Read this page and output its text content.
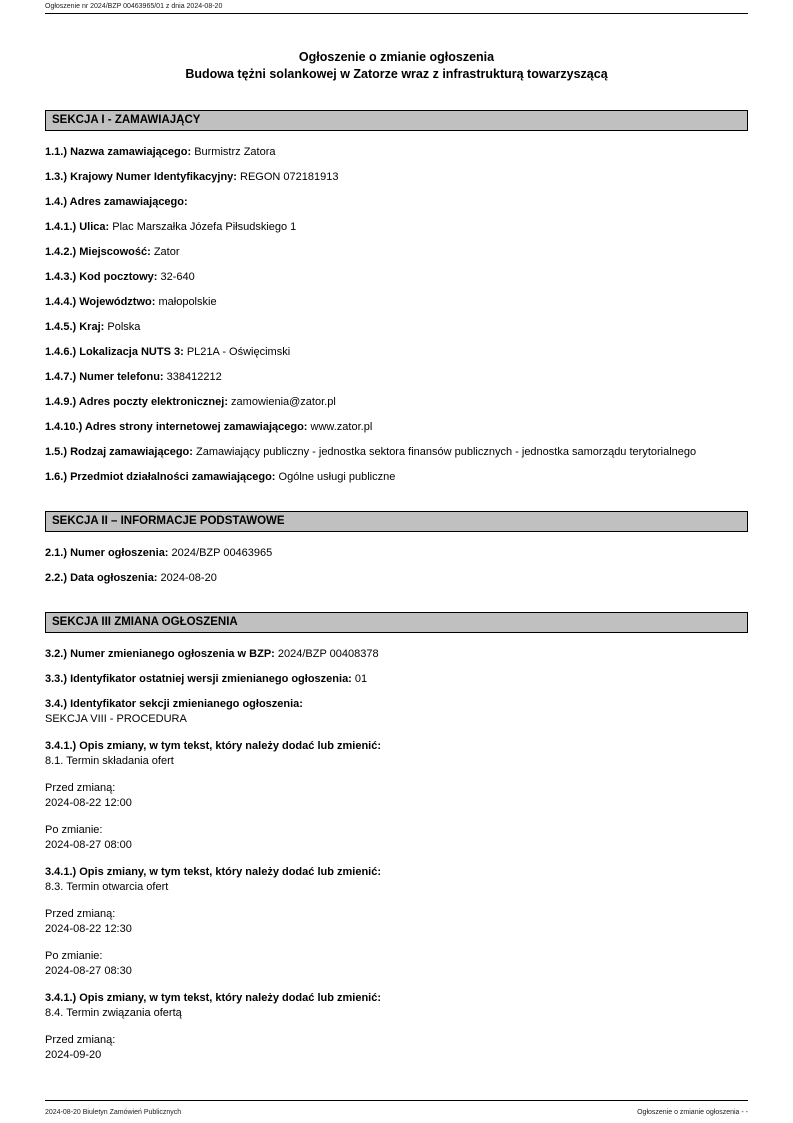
Ogłoszenie nr 2024/BZP 00463965/01 z dnia 2024-08-20
Ogłoszenie o zmianie ogłoszenia
Budowa tężni solankowej w Zatorze wraz z infrastrukturą towarzyszącą
SEKCJA I - ZAMAWIAJĄCY

1.1.) Nazwa zamawiającego: Burmistrz Zatora

1.3.) Krajowy Numer Identyfikacyjny: REGON 072181913

1.4.) Adres zamawiającego:

1.4.1.) Ulica: Plac Marszałka Józefa Piłsudskiego 1

1.4.2.) Miejscowość: Zator

1.4.3.) Kod pocztowy: 32-640

1.4.4.) Województwo: małopolskie

1.4.5.) Kraj: Polska

1.4.6.) Lokalizacja NUTS 3: PL21A - Oświęcimski

1.4.7.) Numer telefonu: 338412212

1.4.9.) Adres poczty elektronicznej: zamowienia@zator.pl

1.4.10.) Adres strony internetowej zamawiającego: www.zator.pl

1.5.) Rodzaj zamawiającego: Zamawiający publiczny - jednostka sektora finansów publicznych - jednostka samorządu terytorialnego

1.6.) Przedmiot działalności zamawiającego: Ogólne usługi publiczne

SEKCJA II – INFORMACJE PODSTAWOWE

2.1.) Numer ogłoszenia: 2024/BZP 00463965

2.2.) Data ogłoszenia: 2024-08-20

SEKCJA III ZMIANA OGŁOSZENIA

3.2.) Numer zmienianego ogłoszenia w BZP: 2024/BZP 00408378

3.3.) Identyfikator ostatniej wersji zmienianego ogłoszenia: 01

3.4.) Identyfikator sekcji zmienianego ogłoszenia:
SEKCJA VIII - PROCEDURA
3.4.1.) Opis zmiany, w tym tekst, który należy dodać lub zmienić:
8.1. Termin składania ofert
Przed zmianą:
2024-08-22 12:00
Po zmianie:
2024-08-27 08:00
3.4.1.) Opis zmiany, w tym tekst, który należy dodać lub zmienić:
8.3. Termin otwarcia ofert
Przed zmianą:
2024-08-22 12:30
Po zmianie:
2024-08-27 08:30
3.4.1.) Opis zmiany, w tym tekst, który należy dodać lub zmienić:
8.4. Termin związania ofertą
Przed zmianą:
2024-09-20
2024-08-20 Biuletyn Zamówień Publicznych	Ogłoszenie o zmianie ogłoszenia - -
